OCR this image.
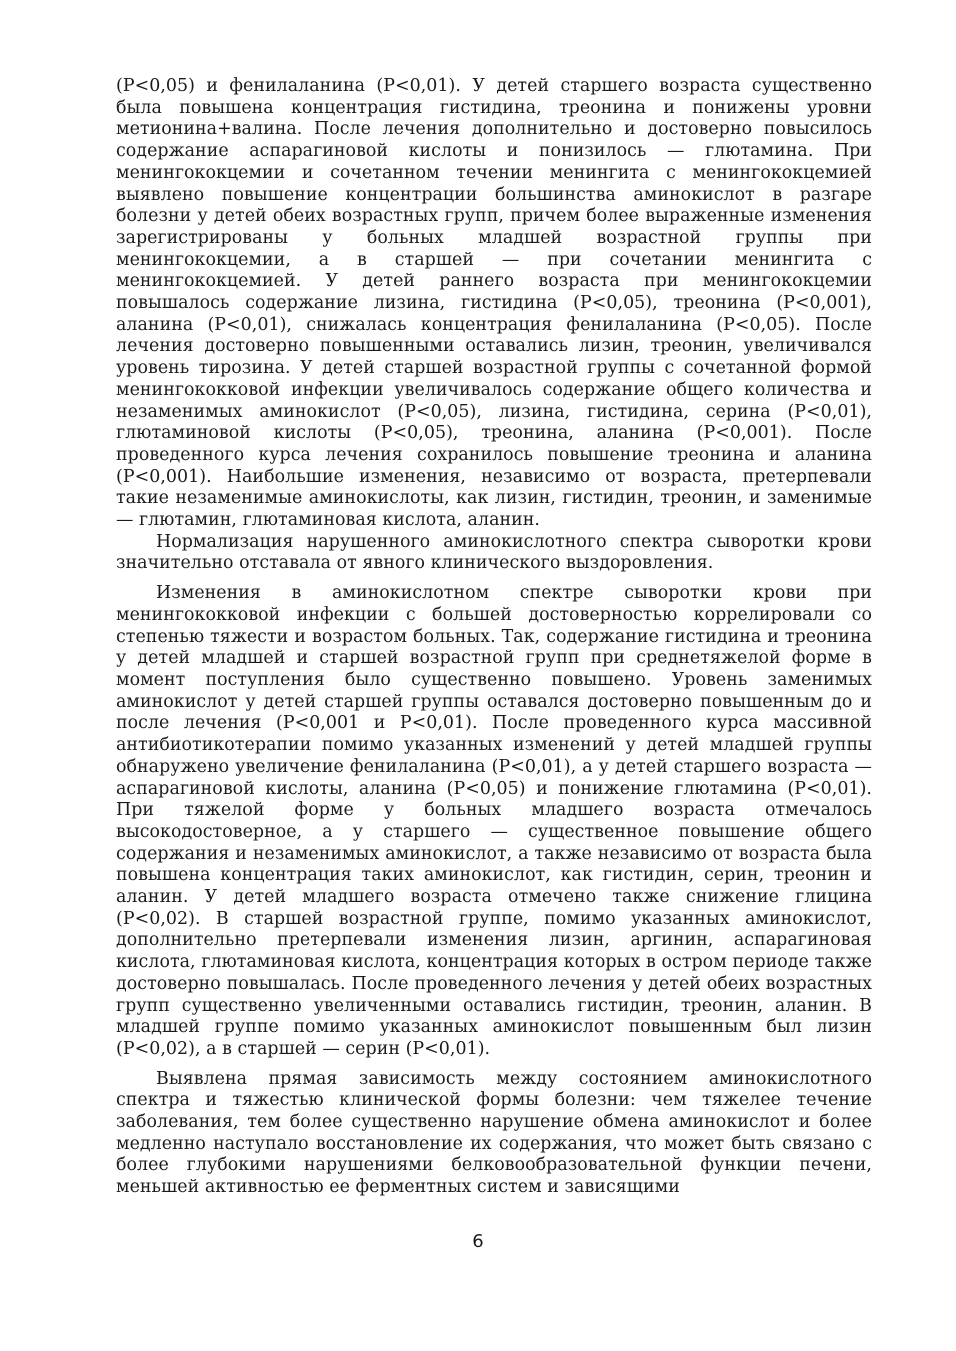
(P<0,05) и фенилаланина (P<0,01). У детей старшего возраста существенно была повышена концентрация гистидина, треонина и понижены уровни метионина+валина. После лечения дополнительно и достоверно повысилось содержание аспарагиновой кислоты и понизилось — глютамина. При менингококцемии и сочетанном течении менингита с менингококцемией выявлено повышение концентрации большинства аминокислот в разгаре болезни у детей обеих возрастных групп, причем более выраженные изменения зарегистрированы у больных младшей возрастной группы при менингококцемии, а в старшей — при сочетании менингита с менингококцемией. У детей раннего возраста при менингококцемии повышалось содержание лизина, гистидина (P<0,05), треонина (P<0,001), аланина (P<0,01), снижалась концентрация фенилаланина (P<0,05). После лечения достоверно повышенными оставались лизин, треонин, увеличивался уровень тирозина. У детей старшей возрастной группы с сочетанной формой менингококковой инфекции увеличивалось содержание общего количества и незаменимых аминокислот (P<0,05), лизина, гистидина, серина (P<0,01), глютаминовой кислоты (P<0,05), треонина, аланина (P<0,001). После проведенного курса лечения сохранилось повышение треонина и аланина (P<0,001). Наибольшие изменения, независимо от возраста, претерпевали такие незаменимые аминокислоты, как лизин, гистидин, треонин, и заменимые — глютамин, глютаминовая кислота, аланин.

Нормализация нарушенного аминокислотного спектра сыворотки крови значительно отставала от явного клинического выздоровления.

Изменения в аминокислотном спектре сыворотки крови при менингококковой инфекции с большей достоверностью коррелировали со степенью тяжести и возрастом больных. Так, содержание гистидина и треонина у детей младшей и старшей возрастной групп при среднетяжелой форме в момент поступления было существенно повышено. Уровень заменимых аминокислот у детей старшей группы оставался достоверно повышенным до и после лечения (P<0,001 и P<0,01). После проведенного курса массивной антибиотикотерапии помимо указанных изменений у детей младшей группы обнаружено увеличение фенилаланина (P<0,01), а у детей старшего возраста — аспарагиновой кислоты, аланина (P<0,05) и понижение глютамина (P<0,01). При тяжелой форме у больных младшего возраста отмечалось высокодостоверное, а у старшего — существенное повышение общего содержания и незаменимых аминокислот, а также независимо от возраста была повышена концентрация таких аминокислот, как гистидин, серин, треонин и аланин. У детей младшего возраста отмечено также снижение глицина (P<0,02). В старшей возрастной группе, помимо указанных аминокислот, дополнительно претерпевали изменения лизин, аргинин, аспарагиновая кислота, глютаминовая кислота, концентрация которых в остром периоде также достоверно повышалась. После проведенного лечения у детей обеих возрастных групп существенно увеличенными оставались гистидин, треонин, аланин. В младшей группе помимо указанных аминокислот повышенным был лизин (P<0,02), а в старшей — серин (P<0,01).

Выявлена прямая зависимость между состоянием аминокислотного спектра и тяжестью клинической формы болезни: чем тяжелее течение заболевания, тем более существенно нарушение обмена аминокислот и более медленно наступало восстановление их содержания, что может быть связано с более глубокими нарушениями белковообразовательной функции печени, меньшей активностью ее ферментных систем и зависящими

6
